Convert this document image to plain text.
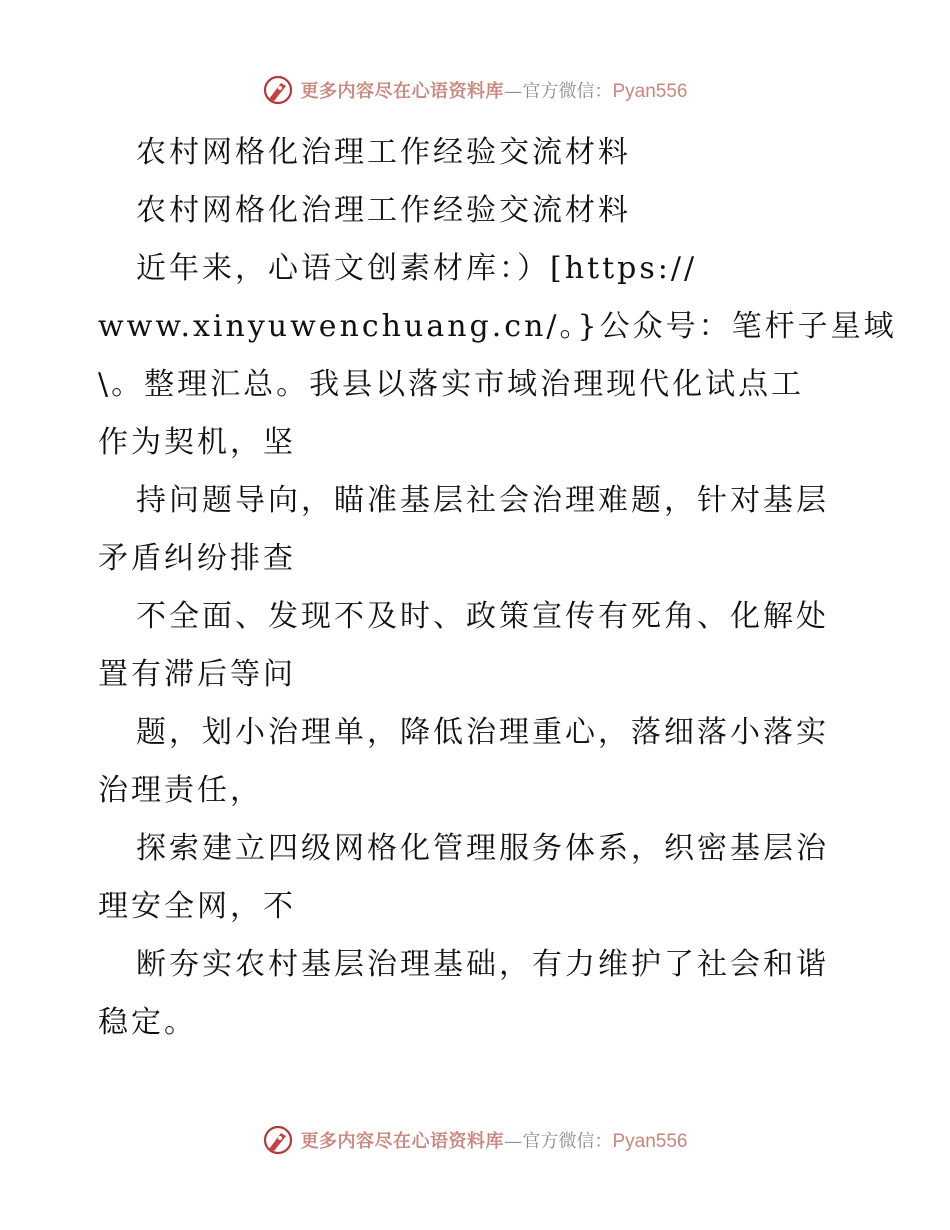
更多内容尽在心语资料库—官方微信：Pyan556
农村网格化治理工作经验交流材料
农村网格化治理工作经验交流材料
近年来，心语文创素材库：）[https://
www.xinyuwenchuang.cn/。}公众号：笔杆子星域
\。整理汇总。我县以落实市域治理现代化试点工
作为契机，坚
持问题导向，瞄准基层社会治理难题，针对基层
矛盾纠纷排查
不全面、发现不及时、政策宣传有死角、化解处
置有滞后等问
题，划小治理单，降低治理重心，落细落小落实
治理责任，
探索建立四级网格化管理服务体系，织密基层治
理安全网，不
断夯实农村基层治理基础，有力维护了社会和谐
稳定。
更多内容尽在心语资料库—官方微信：Pyan556
